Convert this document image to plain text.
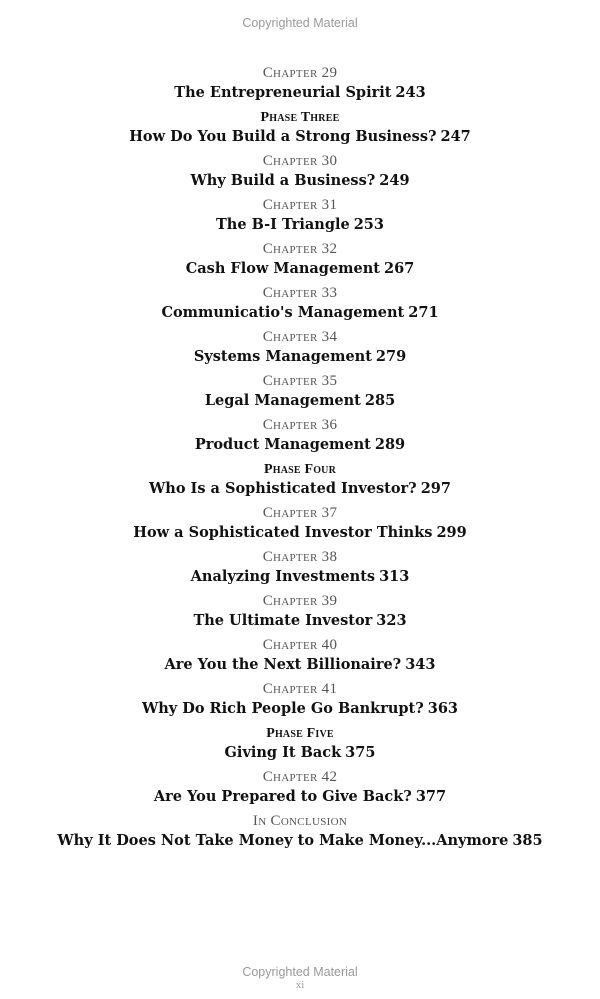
Copyrighted Material
Chapter 29
The Entrepreneurial Spirit 243
Phase Three
How Do You Build a Strong Business? 247
Chapter 30
Why Build a Business? 249
Chapter 31
The B-I Triangle 253
Chapter 32
Cash Flow Management 267
Chapter 33
Communicatio's Management 271
Chapter 34
Systems Management 279
Chapter 35
Legal Management 285
Chapter 36
Product Management 289
Phase Four
Who Is a Sophisticated Investor? 297
Chapter 37
How a Sophisticated Investor Thinks 299
Chapter 38
Analyzing Investments 313
Chapter 39
The Ultimate Investor 323
Chapter 40
Are You the Next Billionaire? 343
Chapter 41
Why Do Rich People Go Bankrupt? 363
Phase Five
Giving It Back 375
Chapter 42
Are You Prepared to Give Back? 377
In Conclusion
Why It Does Not Take Money to Make Money...Anymore 385
Copyrighted Material
xi
